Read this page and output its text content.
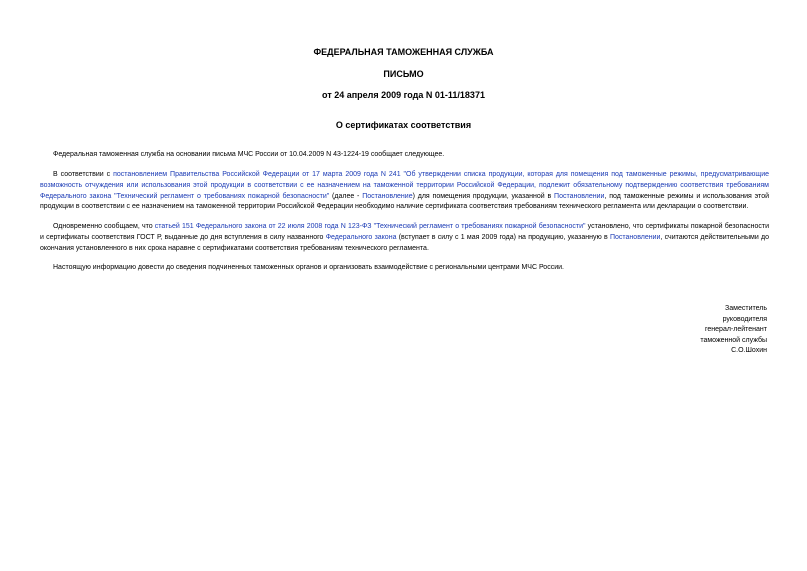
ФЕДЕРАЛЬНАЯ ТАМОЖЕННАЯ СЛУЖБА
ПИСЬМО
от 24 апреля 2009 года N 01-11/18371
О сертификатах соответствия

Федеральная таможенная служба на основании письма МЧС России от 10.04.2009 N 43-1224-19 сообщает следующее.

В соответствии с постановлением Правительства Российской Федерации от 17 марта 2009 года N 241 "Об утверждении списка продукции, которая для помещения под таможенные режимы, предусматривающие возможность отчуждения или использования этой продукции в соответствии с ее назначением на таможенной территории Российской Федерации, подлежит обязательному подтверждению соответствия требованиям Федерального закона "Технический регламент о требованиях пожарной безопасности" (далее - Постановление) для помещения продукции, указанной в Постановлении, под таможенные режимы и использования этой продукции в соответствии с ее назначением на таможенной территории Российской Федерации необходимо наличие сертификата соответствия требованиям технического регламента или декларации о соответствии.

Одновременно сообщаем, что статьей 151 Федерального закона от 22 июля 2008 года N 123-ФЗ "Технический регламент о требованиях пожарной безопасности" установлено, что сертификаты пожарной безопасности и сертификаты соответствия ГОСТ Р, выданные до дня вступления в силу названного Федерального закона (вступает в силу с 1 мая 2009 года) на продукцию, указанную в Постановлении, считаются действительными до окончания установленного в них срока наравне с сертификатами соответствия требованиям технического регламента.

Настоящую информацию довести до сведения подчиненных таможенных органов и организовать взаимодействие с региональными центрами МЧС России.

Заместитель
руководителя
генерал-лейтенант
таможенной службы
С.О.Шохин
